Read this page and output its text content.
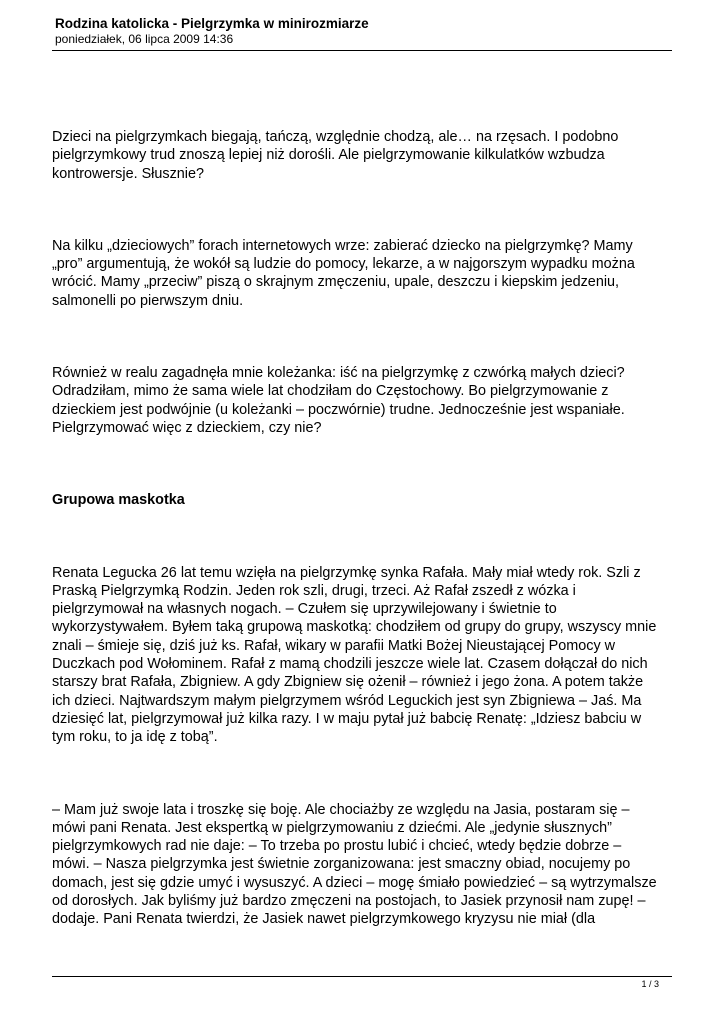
Rodzina katolicka - Pielgrzymka w minirozmiarze
poniedziałek, 06 lipca 2009 14:36

Dzieci na pielgrzymkach biegają, tańczą, względnie chodzą, ale… na rzęsach. I podobno
pielgrzymkowy trud znoszą lepiej niż dorośli. Ale pielgrzymowanie kilkulatków wzbudza
kontrowersje. Słusznie?

Na kilku „dzieciowych” forach internetowych wrze: zabierać dziecko na pielgrzymkę? Mamy
„pro” argumentują, że wokół są ludzie do pomocy, lekarze, a w najgorszym wypadku można
wrócić. Mamy „przeciw” piszą o skrajnym zmęczeniu, upale, deszczu i kiepskim jedzeniu,
salmonelli po pierwszym dniu.

Również w realu zagadnęła mnie koleżanka: iść na pielgrzymkę z czwórką małych dzieci?
Odradziłam, mimo że sama wiele lat chodziłam do Częstochowy. Bo pielgrzymowanie z
dzieckiem jest podwójnie (u koleżanki – poczwórnie) trudne. Jednocześnie jest wspaniałe.
Pielgrzymować więc z dzieckiem, czy nie?

Grupowa maskotka

Renata Legucka 26 lat temu wzięła na pielgrzymkę synka Rafała. Mały miał wtedy rok. Szli z
Praską Pielgrzymką Rodzin. Jeden rok szli, drugi, trzeci. Aż Rafał zszedł z wózka i
pielgrzymował na własnych nogach. – Czułem się uprzywilejowany i świetnie to
wykorzystywałem. Byłem taką grupową maskotką: chodziłem od grupy do grupy, wszyscy mnie
znali – śmieje się, dziś już ks. Rafał, wikary w parafii Matki Bożej Nieustającej Pomocy w
Duczkach pod Wołominem. Rafał z mamą chodzili jeszcze wiele lat. Czasem dołączał do nich
starszy brat Rafała, Zbigniew. A gdy Zbigniew się ożenił – również i jego żona. A potem także
ich dzieci. Najtwardszym małym pielgrzymem wśród Leguckich jest syn Zbigniewa – Jaś. Ma
dziesięć lat, pielgrzymował już kilka razy. I w maju pytał już babcię Renatę: „Idziesz babciu w
tym roku, to ja idę z tobą”.

– Mam już swoje lata i troszkę się boję. Ale chociażby ze względu na Jasia, postaram się –
mówi pani Renata. Jest ekspertką w pielgrzymowaniu z dziećmi. Ale „jedynie słusznych”
pielgrzymkowych rad nie daje: – To trzeba po prostu lubić i chcieć, wtedy będzie dobrze –
mówi. – Nasza pielgrzymka jest świetnie zorganizowana: jest smaczny obiad, nocujemy po
domach, jest się gdzie umyć i wysuszyć. A dzieci – mogę śmiało powiedzieć – są wytrzymalsze
od dorosłych. Jak byliśmy już bardzo zmęczeni na postojach, to Jasiek przynosił nam zupę! –
dodaje. Pani Renata twierdzi, że Jasiek nawet pielgrzymkowego kryzysu nie miał (dla

1 / 3
